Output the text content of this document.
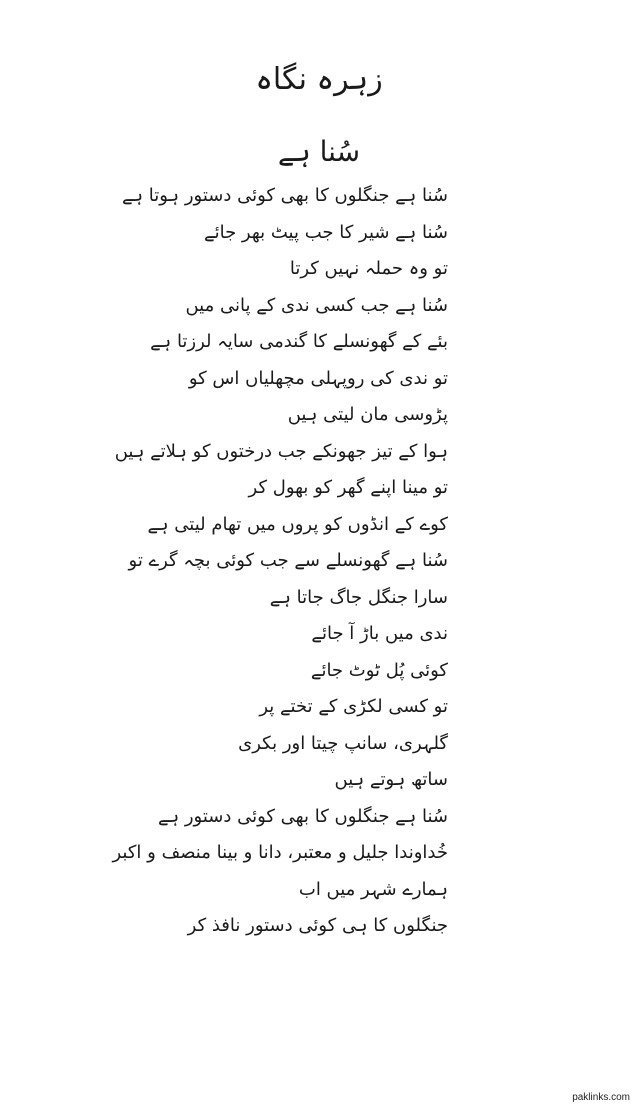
زہرہ نگاہ
سُنا ہے
سُنا ہے جنگلوں کا بھی کوئی دستور ہوتا ہے
سُنا ہے شیر کا جب پیٹ بھر جائے
تو وہ حملہ نہیں کرتا
سُنا ہے جب کسی ندی کے پانی میں
بئے کے گھونسلے کا گندمی سایہ لرزتا ہے
تو ندی کی روپہلی مچھلیاں اس کو
پڑوسی مان لیتی ہیں
ہوا کے تیز جھونکے جب درختوں کو ہلاتے ہیں
تو مینا اپنے گھر کو بھول کر
کوے کے انڈوں کو پروں میں تھام لیتی ہے
سُنا ہے گھونسلے سے جب کوئی بچہ گرے تو
سارا جنگل جاگ جاتا ہے
ندی میں باڑ آ جائے
کوئی پُل ٹوٹ جائے
تو کسی لکڑی کے تختے پر
گلہری، سانپ چیتا اور بکری
ساتھ ہوتے ہیں
سُنا ہے جنگلوں کا بھی کوئی دستور ہے
خُداوندا جلیل و معتبر، دانا و بینا منصف و اکبر
ہمارے شہر میں اب
جنگلوں کا ہی کوئی دستور نافذ کر
paklinks.com
